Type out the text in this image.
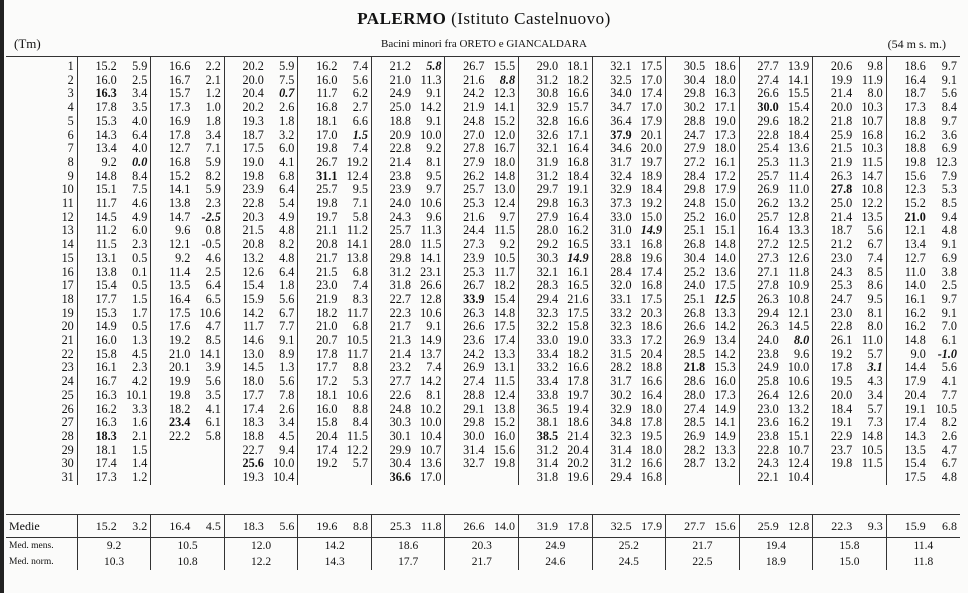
PALERMO (Istituto Castelnuovo)
(Tm)	Bacini minori fra ORETO e GIANCALDARA	(54 m s. m.)
1	15.2	5.9	16.6	2.2	20.2	5.9	16.2	7.4	21.2	5.8	26.7	15.5	29.0	18.1	32.1	17.5	30.5	18.6	27.7	13.9	20.6	9.8	18.6	9.7
2	16.0	2.5	16.7	2.1	20.0	7.5	16.0	5.6	21.0	11.3	21.6	8.8	31.2	18.2	32.5	17.0	30.4	18.0	27.4	14.1	19.9	11.9	16.4	9.1
3	16.3	3.4	15.7	1.2	20.4	0.7	11.7	6.2	24.9	9.1	24.2	12.3	30.8	16.6	34.0	17.4	29.8	16.3	26.6	15.5	21.4	8.0	18.7	5.6
4	17.8	3.5	17.3	1.0	20.2	2.6	16.8	2.7	25.0	14.2	21.9	14.1	32.9	15.7	34.7	17.0	30.2	17.1	30.0	15.4	20.0	10.3	17.3	8.4
5	15.3	4.0	16.9	1.8	19.3	1.8	18.1	6.6	18.8	9.1	24.8	15.2	32.8	16.6	36.4	17.9	28.8	19.0	29.6	18.2	21.8	10.7	18.8	9.7
6	14.3	6.4	17.8	3.4	18.7	3.2	17.0	1.5	20.9	10.0	27.0	12.0	32.6	17.1	37.9	20.1	24.7	17.3	22.8	18.4	25.9	16.8	16.2	3.6
7	13.4	4.0	12.7	7.1	17.5	6.0	19.8	7.4	22.8	9.2	27.8	16.7	32.1	16.4	34.6	20.0	27.9	18.0	25.4	13.6	21.5	10.3	18.8	6.9
8	9.2	0.0	16.8	5.9	19.0	4.1	26.7	19.2	21.4	8.1	27.9	18.0	31.9	16.8	31.7	19.7	27.2	16.1	25.3	11.3	21.9	11.5	19.8	12.3
9	14.8	8.4	15.2	8.2	19.8	6.8	31.1	12.4	23.8	9.5	26.2	14.8	31.2	18.4	32.4	18.9	28.4	17.2	25.7	11.4	26.3	14.7	15.6	7.9
10	15.1	7.5	14.1	5.9	23.9	6.4	25.7	9.5	23.9	9.7	25.7	13.0	29.7	19.1	32.9	18.4	29.8	17.9	26.9	11.0	27.8	10.8	12.3	5.3
11	11.7	4.6	13.8	2.3	22.8	5.4	19.8	7.1	24.0	10.6	25.3	12.4	29.8	16.3	37.3	19.2	24.8	15.0	26.2	13.2	25.0	12.2	15.2	8.5
12	14.5	4.9	14.7	-2.5	20.3	4.9	19.7	5.8	24.3	9.6	21.6	9.7	27.9	16.4	33.0	15.0	25.2	16.0	25.7	12.8	21.4	13.5	21.0	9.4
13	11.2	6.0	9.6	0.8	21.5	4.8	21.1	11.2	25.7	11.3	24.4	11.5	28.0	16.2	31.0	14.9	25.1	15.1	16.4	13.3	18.7	5.6	12.1	4.8
14	11.5	2.3	12.1	-0.5	20.8	8.2	20.8	14.1	28.0	11.5	27.3	9.2	29.2	16.5	33.1	16.8	26.8	14.8	27.2	12.5	21.2	6.7	13.4	9.1
15	13.1	0.5	9.2	4.6	13.2	4.8	21.7	13.8	29.8	14.1	23.9	10.5	30.3	14.9	28.8	19.6	30.4	14.0	27.3	12.6	23.0	7.4	12.7	6.9
16	13.8	0.1	11.4	2.5	12.6	6.4	21.5	6.8	31.2	23.1	25.3	11.7	32.1	16.1	28.4	17.4	25.2	13.6	27.1	11.8	24.3	8.5	11.0	3.8
17	15.4	0.5	13.5	6.4	15.4	1.8	23.0	7.4	31.8	26.6	26.7	18.2	28.3	16.5	32.0	16.8	24.0	17.5	27.8	10.9	25.3	8.6	14.0	2.5
18	17.7	1.5	16.4	6.5	15.9	5.6	21.9	8.3	22.7	12.8	33.9	15.4	29.4	21.6	33.1	17.5	25.1	12.5	26.3	10.8	24.7	9.5	16.1	9.7
19	15.3	1.7	17.5	10.6	14.2	6.7	18.2	11.7	22.3	10.6	26.3	14.8	32.3	17.5	33.2	20.3	26.8	13.3	29.4	12.1	23.0	8.1	16.2	9.1
20	14.9	0.5	17.6	4.7	11.7	7.7	21.0	6.8	21.7	9.1	26.6	17.5	32.2	15.8	32.3	18.6	26.6	14.2	26.3	14.5	22.8	8.0	16.2	7.0
21	16.0	1.3	19.2	8.5	14.6	9.1	20.7	10.5	21.3	14.9	23.6	17.4	33.0	19.0	33.3	17.2	26.9	13.4	24.0	8.0	26.1	11.0	14.8	6.1
22	15.8	4.5	21.0	14.1	13.0	8.9	17.8	11.7	21.4	13.7	24.2	13.3	33.4	18.2	31.5	20.4	28.5	14.2	23.8	9.6	19.2	5.7	9.0	-1.0
23	16.1	2.3	20.1	3.9	14.5	1.3	17.7	8.8	23.2	7.4	26.9	13.1	33.2	16.6	28.2	18.8	21.8	15.3	24.9	10.0	17.8	3.1	14.4	5.6
24	16.7	4.2	19.9	5.6	18.0	5.6	17.2	5.3	27.7	14.2	27.4	11.5	33.4	17.8	31.7	16.6	28.6	16.0	25.8	10.6	19.5	4.3	17.9	4.1
25	16.3	10.1	19.8	3.5	17.7	7.8	18.1	10.6	22.6	8.1	28.8	12.4	33.8	19.7	30.2	16.4	28.0	17.3	26.4	12.6	20.0	3.4	20.4	7.7
26	16.2	3.3	18.2	4.1	17.4	2.6	16.0	8.8	24.8	10.2	29.1	13.8	36.5	19.4	32.9	18.0	27.4	14.9	23.0	13.2	18.4	5.7	19.1	10.5
27	16.3	1.6	23.4	6.1	18.3	3.4	15.8	8.4	30.3	10.0	29.8	15.2	38.1	18.6	34.8	17.8	28.5	14.1	23.6	16.2	19.1	7.3	17.4	8.2
28	18.3	2.1	22.2	5.8	18.8	4.5	20.4	11.5	30.1	10.4	30.0	16.0	38.5	21.4	32.3	19.5	26.9	14.9	23.8	15.1	22.9	14.8	14.3	2.6
29	18.1	1.5			22.7	9.4	17.4	12.2	29.9	10.7	31.4	15.6	31.2	20.4	31.4	18.0	28.2	13.3	22.8	10.7	23.7	10.5	13.5	4.7
30	17.4	1.4			25.6	10.0	19.2	5.7	30.4	13.6	32.7	19.8	31.4	20.2	31.2	16.6	28.7	13.2	24.3	12.4	19.8	11.5	15.4	6.7
31	17.3	1.2			19.3	10.4			36.6	17.0			31.8	19.6	29.4	16.8			22.1	10.4			17.5	4.8
Medie	15.2	3.2	16.4	4.5	18.3	5.6	19.6	8.8	25.3	11.8	26.6	14.0	31.9	17.8	32.5	17.9	27.7	15.6	25.9	12.8	22.3	9.3	15.9	6.8
Med. mens.	9.2		10.5		12.0		14.2		18.6		20.3		24.9		25.2		21.7		19.4		15.8		11.4	
Med. norm.	10.3		10.8		12.2		14.3		17.7		21.7		24.6		24.5		22.5		18.9		15.0		11.8	
